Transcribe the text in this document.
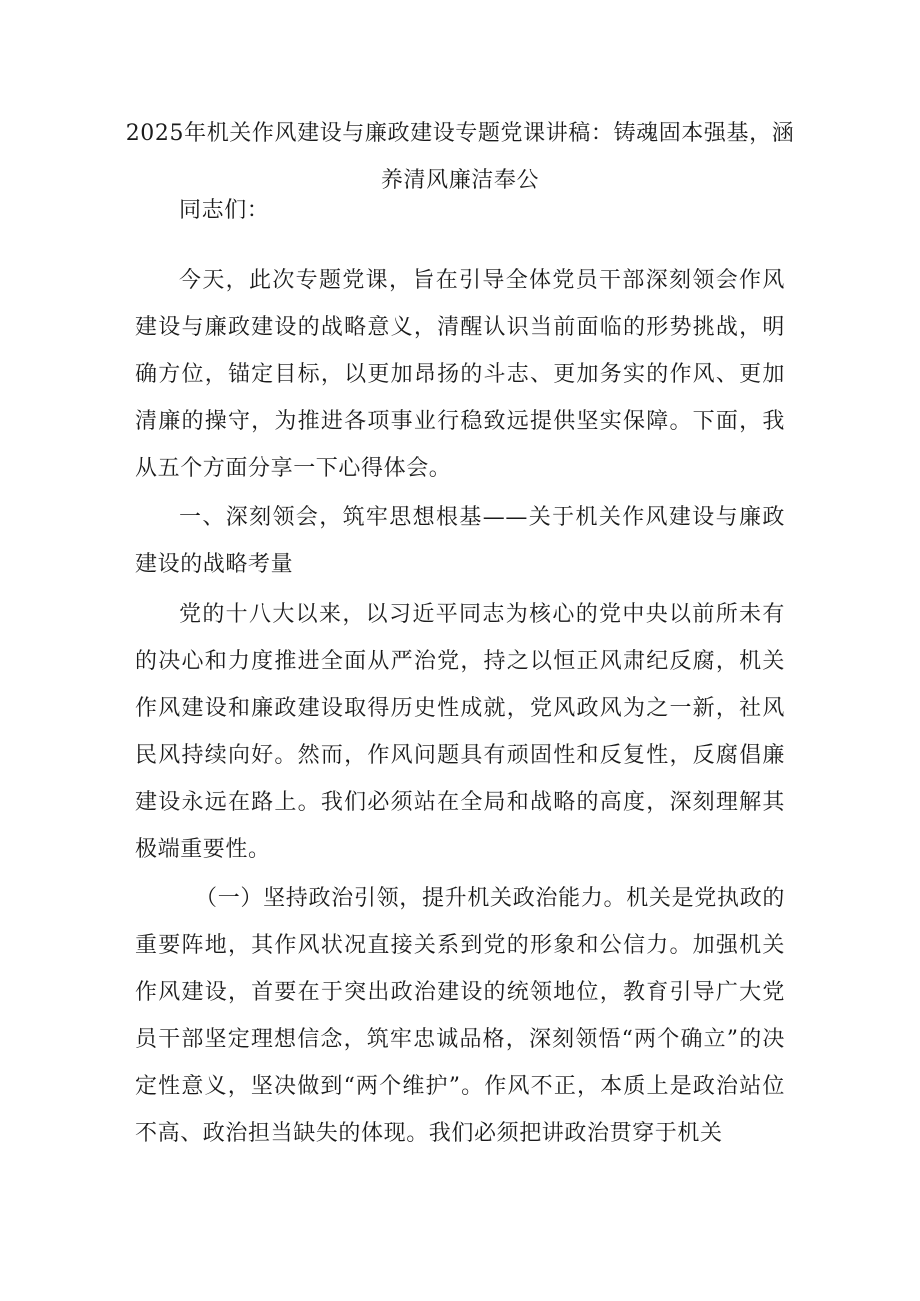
2025年机关作风建设与廉政建设专题党课讲稿：铸魂固本强基，涵养清风廉洁奉公

同志们：

今天，此次专题党课，旨在引导全体党员干部深刻领会作风建设与廉政建设的战略意义，清醒认识当前面临的形势挑战，明确方位，锚定目标，以更加昂扬的斗志、更加务实的作风、更加清廉的操守，为推进各项事业行稳致远提供坚实保障。下面，我从五个方面分享一下心得体会。

一、深刻领会，筑牢思想根基——关于机关作风建设与廉政建设的战略考量

党的十八大以来，以习近平同志为核心的党中央以前所未有的决心和力度推进全面从严治党，持之以恒正风肃纪反腐，机关作风建设和廉政建设取得历史性成就，党风政风为之一新，社风民风持续向好。然而，作风问题具有顽固性和反复性，反腐倡廉建设永远在路上。我们必须站在全局和战略的高度，深刻理解其极端重要性。

（一）坚持政治引领，提升机关政治能力。机关是党执政的重要阵地，其作风状况直接关系到党的形象和公信力。加强机关作风建设，首要在于突出政治建设的统领地位，教育引导广大党员干部坚定理想信念，筑牢忠诚品格，深刻领悟“两个确立”的决定性意义，坚决做到“两个维护”。作风不正，本质上是政治站位不高、政治担当缺失的体现。我们必须把讲政治贯穿于机关
